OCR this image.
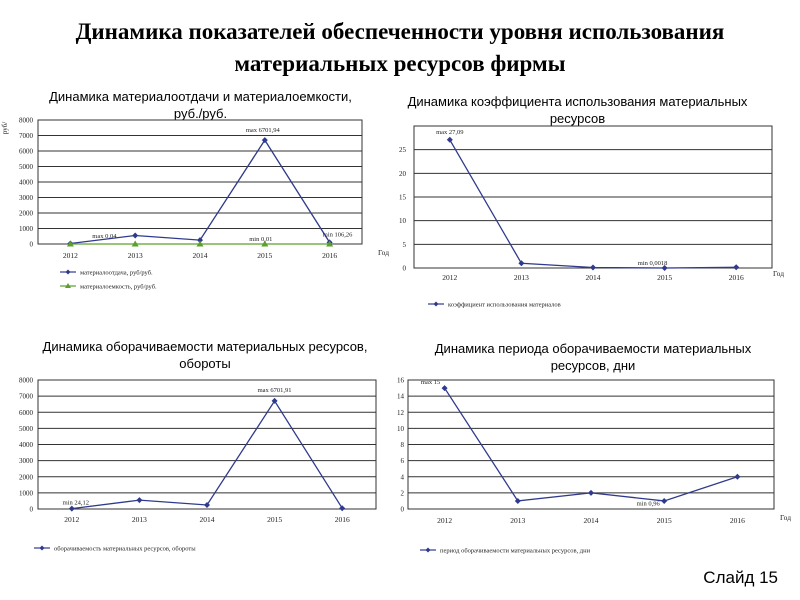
Динамика показателей обеспеченности уровня использования
материальных ресурсов фирмы
Динамика материалоотдачи и материалоемкости,
руб./руб.
Динамика коэффициента использования материальных
ресурсов
Динамика оборачиваемости материальных ресурсов,
обороты
Динамика периода оборачиваемости материальных
ресурсов, дни
0
1000
2000
3000
4000
5000
6000
7000
8000
2012	2013	2014	2015	2016	Год
руб/
max 0,04
max 6701,94
min 0,01
min 106,26
материалоотдача, руб/руб.
материалоемкость, руб/руб.
0
5
10
15
20
25
2012	2013	2014	2015	2016	Год
max 27,09
min 0,0018
коэффициент использования материалов
0
1000
2000
3000
4000
5000
6000
7000
8000
2012	2013	2014	2015	2016
min 24,12
max 6701,91
оборачиваемость материальных ресурсов, обороты
0
2
4
6
8
10
12
14
16
2012	2013	2014	2015	2016	Год
max 15
min 0,96
период оборачиваемости материальных ресурсов, дни
Слайд 15
